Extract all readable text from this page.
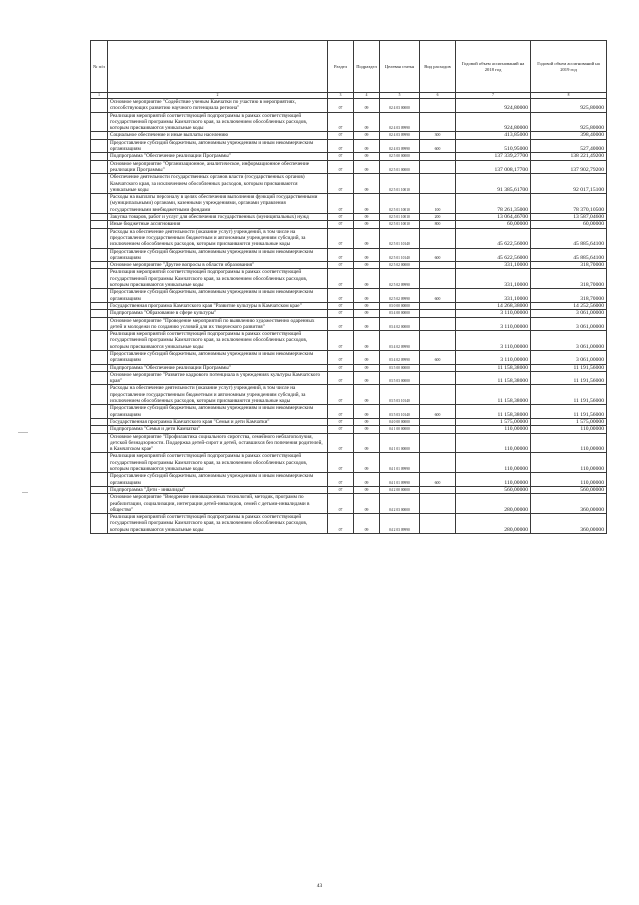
№ п/п		Раздел	Подраздел	Целевая статья	Вид расходов	Годовой объем ассигнований на 2018 год	Годовой объем ассигнований на 2019 год
1	2	3	4	5	6	7	8
	Основное мероприятие "Содействие ученым Камчатки по участию в мероприятиях, способствующих развитию научного потенциала региона"	07	09	02 4 03 00000		924,80000	925,80000
	Реализация мероприятий соответствующей подпрограммы в рамках соответствующей государственной программы Камчатского края, за исключением обособленных расходов, которым присваиваются уникальные коды	07	09	02 4 03 09990		924,80000	925,80000
	Социальное обеспечение и иные выплаты населению	07	09	02 4 03 09990	300	413,85000	398,40000
	Предоставление субсидий бюджетным, автономным учреждениям и иным некоммерческим организациям	07	09	02 4 03 09990	600	510,95000	527,40000
	Подпрограмма "Обеспечение реализации Программы"	07	09	02 5 00 00000		137 339,27700	138 221,49200
	Основное мероприятие "Организационное, аналитическое, информационное обеспечение реализации Программы"	07	09	02 5 01 00000		137 008,17700	137 902,79200
	Обеспечение деятельности государственных органов власти (государственных органов) Камчатского края, за исключением обособленных расходов, которым присваиваются уникальные коды	07	09	02 5 01 10010		91 385,61700	92 017,15100
	Расходы на выплаты персоналу в целях обеспечения выполнения функций государственными (муниципальными) органами, казенными учреждениями, органами управления государственными внебюджетными фондами	07	09	02 5 01 10010	100	78 261,35000	78 370,10500
	Закупка товаров, работ и услуг для обеспечения государственных (муниципальных) нужд	07	09	02 5 01 10010	200	13 064,46700	13 587,04600
	Иные бюджетные ассигнования	07	09	02 5 01 10010	800	60,00000	60,00000
	Расходы на обеспечение деятельности (оказание услуг) учреждений, в том числе на предоставление государственным бюджетным и автономным учреждениям субсидий, за исключением обособленных расходов, которым присваиваются уникальные коды	07	09	02 5 01 10140		45 622,56000	45 885,64100
	Предоставление субсидий бюджетным, автономным учреждениям и иным некоммерческим организациям	07	09	02 5 01 10140	600	45 622,56000	45 885,64100
	Основное мероприятие "Другие вопросы в области образования"	07	09	02 5 02 00000		331,10000	318,70000
	Реализация мероприятий соответствующей подпрограммы в рамках соответствующей государственной программы Камчатского края, за исключением обособленных расходов, которым присваиваются уникальные коды	07	09	02 5 02 09990		331,10000	318,70000
	Предоставление субсидий бюджетным, автономным учреждениям и иным некоммерческим организациям	07	09	02 5 02 09990	600	331,10000	318,70000
	Государственная программа Камчатского края "Развитие культуры в Камчатском крае"	07	09	03 0 00 00000		14 268,38000	14 252,56000
	Подпрограмма "Образование в сфере культуры"	07	09	03 4 00 00000		3 110,00000	3 061,00000
	Основное мероприятие "Проведение мероприятий по выявлению художественно одаренных детей и молодежи по созданию условий для их творческого развития"	07	09	03 4 02 00000		3 110,00000	3 061,00000
	Реализация мероприятий соответствующей подпрограммы в рамках соответствующей государственной программы Камчатского края, за исключением обособленных расходов, которым присваиваются уникальные коды	07	09	03 4 02 09990		3 110,00000	3 061,00000
	Предоставление субсидий бюджетным, автономным учреждениям и иным некоммерческим организациям	07	09	03 4 02 09990	600	3 110,00000	3 061,00000
	Подпрограмма "Обеспечение реализации Программы"	07	09	03 5 00 00000		11 158,38000	11 191,56000
	Основное мероприятие "Развитие кадрового потенциала в учреждениях культуры Камчатского края"	07	09	03 5 03 00000		11 158,38000	11 191,56000
	Расходы на обеспечение деятельности (оказание услуг) учреждений, в том числе на предоставление государственным бюджетным и автономным учреждениям субсидий, за исключением обособленных расходов, которым присваиваются уникальные коды	07	09	03 5 03 10140		11 158,38000	11 191,56000
	Предоставление субсидий бюджетным, автономным учреждениям и иным некоммерческим организациям	07	09	03 5 03 10140	600	11 158,38000	11 191,56000
	Государственная программа Камчатского края "Семья и дети Камчатки"	07	09	04 0 00 00000		1 575,00000	1 575,00000
	Подпрограмма "Семья и дети Камчатки"	07	09	04 1 00 00000		110,00000	110,00000
	Основное мероприятие "Профилактика социального сиротства, семейного неблагополучия, детской безнадзорности. Поддержка детей-сирот и детей, оставшихся без попечения родителей, в Камчатском крае"	07	09	04 1 01 00000		110,00000	110,00000
	Реализация мероприятий соответствующей подпрограммы в рамках соответствующей государственной программы Камчатского края, за исключением обособленных расходов, которым присваиваются уникальные коды	07	09	04 1 01 09990		110,00000	110,00000
	Предоставление субсидий бюджетным, автономным учреждениям и иным некоммерческим организациям	07	09	04 1 01 09990	600	110,00000	110,00000
	Подпрограмма "Дети - инвалиды"	07	09	04 2 00 00000		560,00000	560,00000
	Основное мероприятие "Внедрение инновационных технологий, методик, программ по реабилитации, социализации, интеграции детей-инвалидов, семей с детьми-инвалидами в общество"	07	09	04 2 03 00000		280,00000	360,00000
	Реализация мероприятий соответствующей подпрограммы в рамках соответствующей государственной программы Камчатского края, за исключением обособленных расходов, которым присваиваются уникальные коды	07	09	04 2 03 09990		280,00000	360,00000
43
